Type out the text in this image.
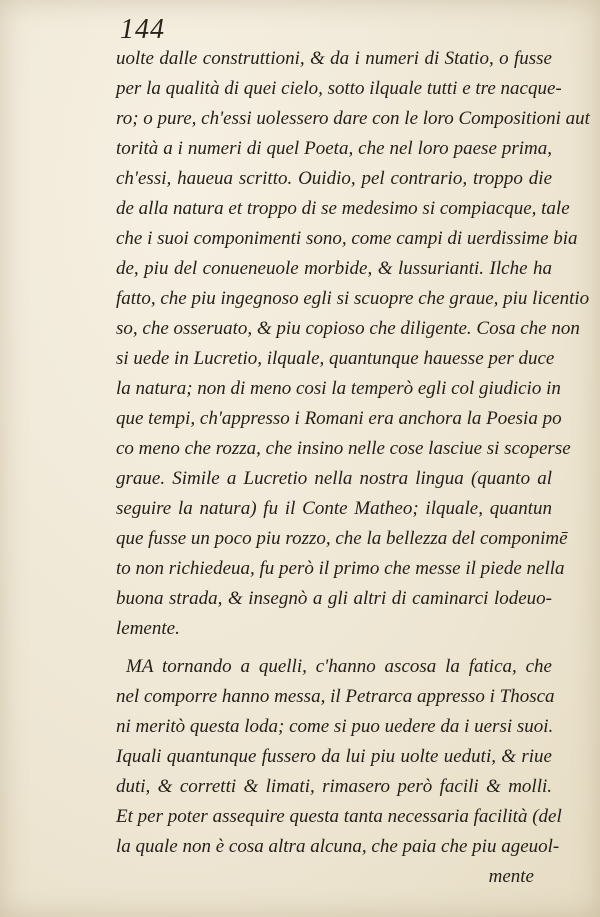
144
uolte dalle construttioni, & da i numeri di Statio, o fusse
per la qualità di quei cielo, sotto ilquale tutti e tre nacque-
ro; o pure, ch'essi uolessero dare con le loro Compositioni aut
torità a i numeri di quel Poeta, che nel loro paese prima,
ch'essi, haueua scritto. Ouidio, pel contrario, troppo die
de alla natura et troppo di se medesimo si compiacque, tale
che i suoi componimenti sono, come campi di uerdissime bia
de, piu del conueneuole morbide, & lussurianti. Ilche ha
fatto, che piu ingegnoso egli si scuopre che graue, piu licentio
so, che osseruato, & piu copioso che diligente. Cosa che non
si uede in Lucretio, ilquale, quantunque hauesse per duce
la natura; non di meno cosi la temperò egli col giudicio in
que tempi, ch'appresso i Romani era anchora la Poesia po
co meno che rozza, che insino nelle cose lasciue si scoperse
graue. Simile a Lucretio nella nostra lingua (quanto al
seguire la natura) fu il Conte Matheo; ilquale, quantun
que fusse un poco piu rozzo, che la bellezza del componimē
to non richiedeua, fu però il primo che messe il piede nella
buona strada, & insegnò a gli altri di caminarci lodeuo-
lemente.
MA tornando a quelli, c'hanno ascosa la fatica, che
nel comporre hanno messa, il Petrarca appresso i Thosca
ni meritò questa loda; come si puo uedere da i uersi suoi.
Iquali quantunque fussero da lui piu uolte ueduti, & riue
duti, & corretti & limati, rimasero però facili & molli.
Et per poter assequire questa tanta necessaria facilità (del
la quale non è cosa altra alcuna, che paia che piu ageuol-
mente
